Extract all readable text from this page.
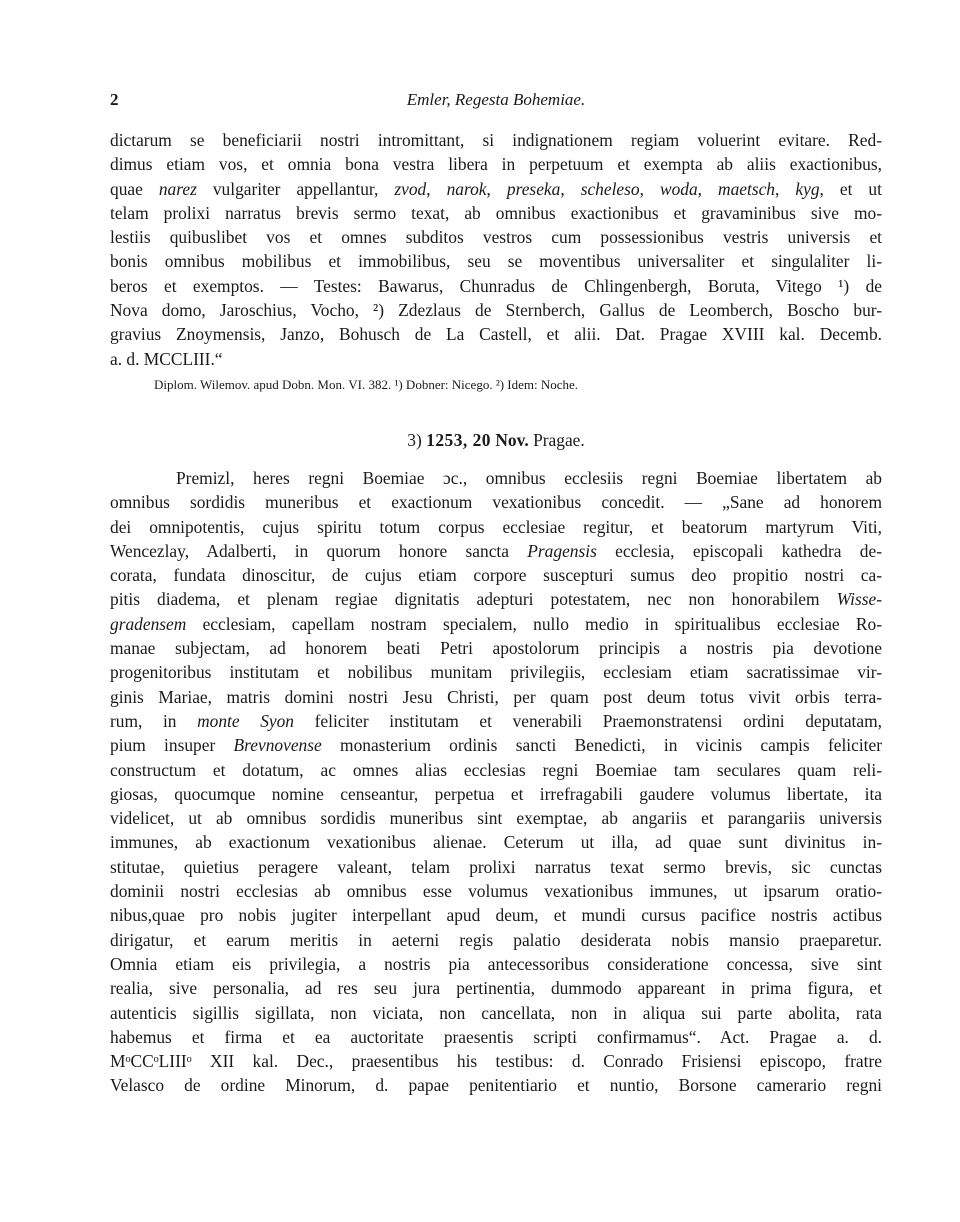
2	Emler, Regesta Bohemiae.
dictarum se beneficiarii nostri intromittant, si indignationem regiam voluerint evitare. Red-
dimus etiam vos, et omnia bona vestra libera in perpetuum et exempta ab aliis exactionibus,
quae narez vulgariter appellantur, zvod, narok, preseka, scheleso, woda, maetsch, kyg, et ut
telam prolixi narratus brevis sermo texat, ab omnibus exactionibus et gravaminibus sive mo-
lestiis quibuslibet vos et omnes subditos vestros cum possessionibus vestris universis et
bonis omnibus mobilibus et immobilibus, seu se moventibus universaliter et singulaliter li-
beros et exemptos. — Testes: Bawarus, Chunradus de Chlingenbergh, Boruta, Vitego ¹) de
Nova domo, Jaroschius, Vocho, ²) Zdezlaus de Sternberch, Gallus de Leomberch, Boscho bur-
gravius Znoymensis, Janzo, Bohusch de La Castell, et alii. Dat. Pragae XVIII kal. Decemb.
a. d. MCCLIII.“
Diplom. Wilemov. apud Dobn. Mon. VI. 382. ¹) Dobner: Nicego. ²) Idem: Noche.
3) 1253, 20 Nov. Pragae.
Premizl, heres regni Boemiae ɔc., omnibus ecclesiis regni Boemiae libertatem ab
omnibus sordidis muneribus et exactionum vexationibus concedit. — „Sane ad honorem
dei omnipotentis, cujus spiritu totum corpus ecclesiae regitur, et beatorum martyrum Viti,
Wencezlay, Adalberti, in quorum honore sancta Pragensis ecclesia, episcopali kathedra de-
corata, fundata dinoscitur, de cujus etiam corpore suscepturi sumus deo propitio nostri ca-
pitis diadema, et plenam regiae dignitatis adepturi potestatem, nec non honorabilem Wisse-
gradensem ecclesiam, capellam nostram specialem, nullo medio in spiritualibus ecclesiae Ro-
manae subjectam, ad honorem beati Petri apostolorum principis a nostris pia devotione
progenitoribus institutam et nobilibus munitam privilegiis, ecclesiam etiam sacratissimae vir-
ginis Mariae, matris domini nostri Jesu Christi, per quam post deum totus vivit orbis terra-
rum, in monte Syon feliciter institutam et venerabili Praemonstratensi ordini deputatam,
pium insuper Brevnovense monasterium ordinis sancti Benedicti, in vicinis campis feliciter
constructum et dotatum, ac omnes alias ecclesias regni Boemiae tam seculares quam reli-
giosas, quocumque nomine censeantur, perpetua et irrefragabili gaudere volumus libertate, ita
videlicet, ut ab omnibus sordidis muneribus sint exemptae, ab angariis et parangariis universis
immunes, ab exactionum vexationibus alienae. Ceterum ut illa, ad quae sunt divinitus in-
stitutae, quietius peragere valeant, telam prolixi narratus texat sermo brevis, sic cunctas
dominii nostri ecclesias ab omnibus esse volumus vexationibus immunes, ut ipsarum oratio-
nibus,quae pro nobis jugiter interpellant apud deum, et mundi cursus pacifice nostris actibus
dirigatur, et earum meritis in aeterni regis palatio desiderata nobis mansio praeparetur.
Omnia etiam eis privilegia, a nostris pia antecessoribus consideratione concessa, sive sint
realia, sive personalia, ad res seu jura pertinentia, dummodo appareant in prima figura, et
autenticis sigillis sigillata, non viciata, non cancellata, non in aliqua sui parte abolita, rata
habemus et firma et ea auctoritate praesentis scripti confirmamus“. Act. Pragae a. d.
MᵒCCᵒLIIIᵒ XII kal. Dec., praesentibus his testibus: d. Conrado Frisiensi episcopo, fratre
Velasco de ordine Minorum, d. papae penitentiario et nuntio, Borsone camerario regni
